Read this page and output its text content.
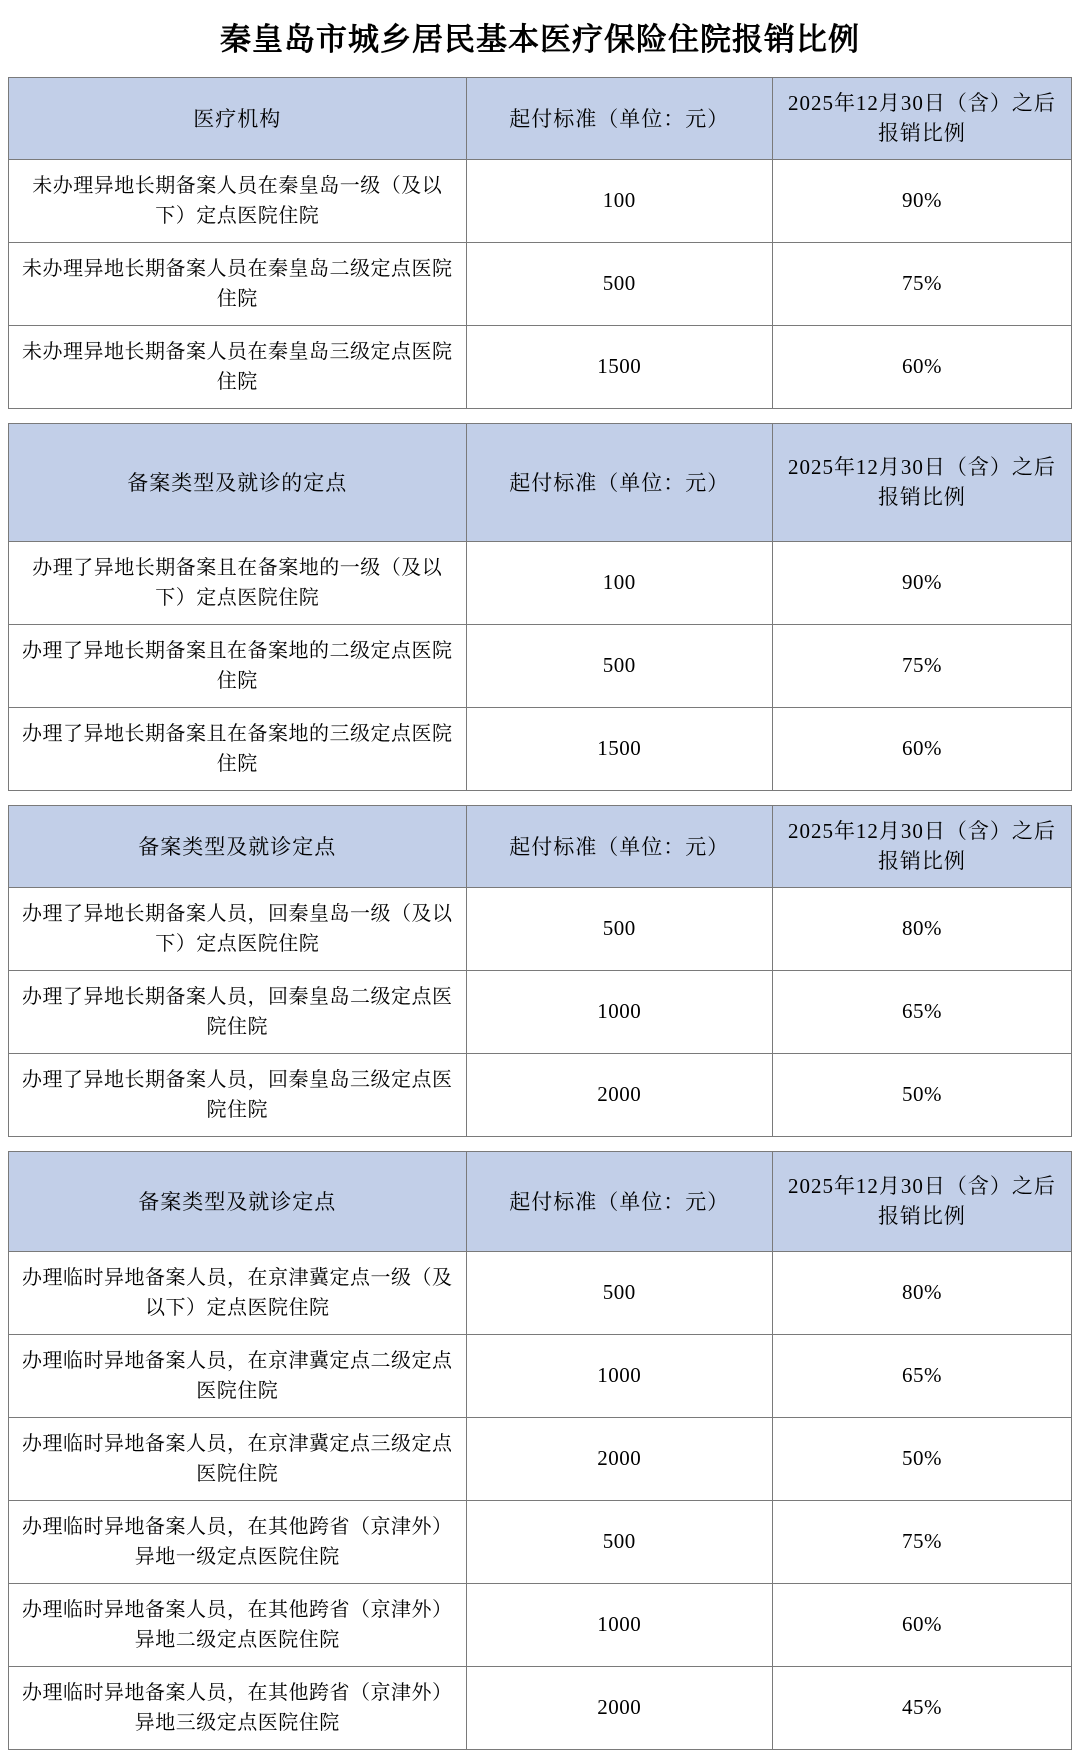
秦皇岛市城乡居民基本医疗保险住院报销比例
医疗机构	起付标准（单位：元）	2025年12月30日（含）之后报销比例
未办理异地长期备案人员在秦皇岛一级（及以下）定点医院住院	100	90%
未办理异地长期备案人员在秦皇岛二级定点医院住院	500	75%
未办理异地长期备案人员在秦皇岛三级定点医院住院	1500	60%
备案类型及就诊的定点	起付标准（单位：元）	2025年12月30日（含）之后报销比例
办理了异地长期备案且在备案地的一级（及以下）定点医院住院	100	90%
办理了异地长期备案且在备案地的二级定点医院住院	500	75%
办理了异地长期备案且在备案地的三级定点医院住院	1500	60%
备案类型及就诊定点	起付标准（单位：元）	2025年12月30日（含）之后报销比例
办理了异地长期备案人员，回秦皇岛一级（及以下）定点医院住院	500	80%
办理了异地长期备案人员，回秦皇岛二级定点医院住院	1000	65%
办理了异地长期备案人员，回秦皇岛三级定点医院住院	2000	50%
备案类型及就诊定点	起付标准（单位：元）	2025年12月30日（含）之后报销比例
办理临时异地备案人员，在京津冀定点一级（及以下）定点医院住院	500	80%
办理临时异地备案人员，在京津冀定点二级定点医院住院	1000	65%
办理临时异地备案人员，在京津冀定点三级定点医院住院	2000	50%
办理临时异地备案人员，在其他跨省（京津外）异地一级定点医院住院	500	75%
办理临时异地备案人员，在其他跨省（京津外）异地二级定点医院住院	1000	60%
办理临时异地备案人员，在其他跨省（京津外）异地三级定点医院住院	2000	45%
